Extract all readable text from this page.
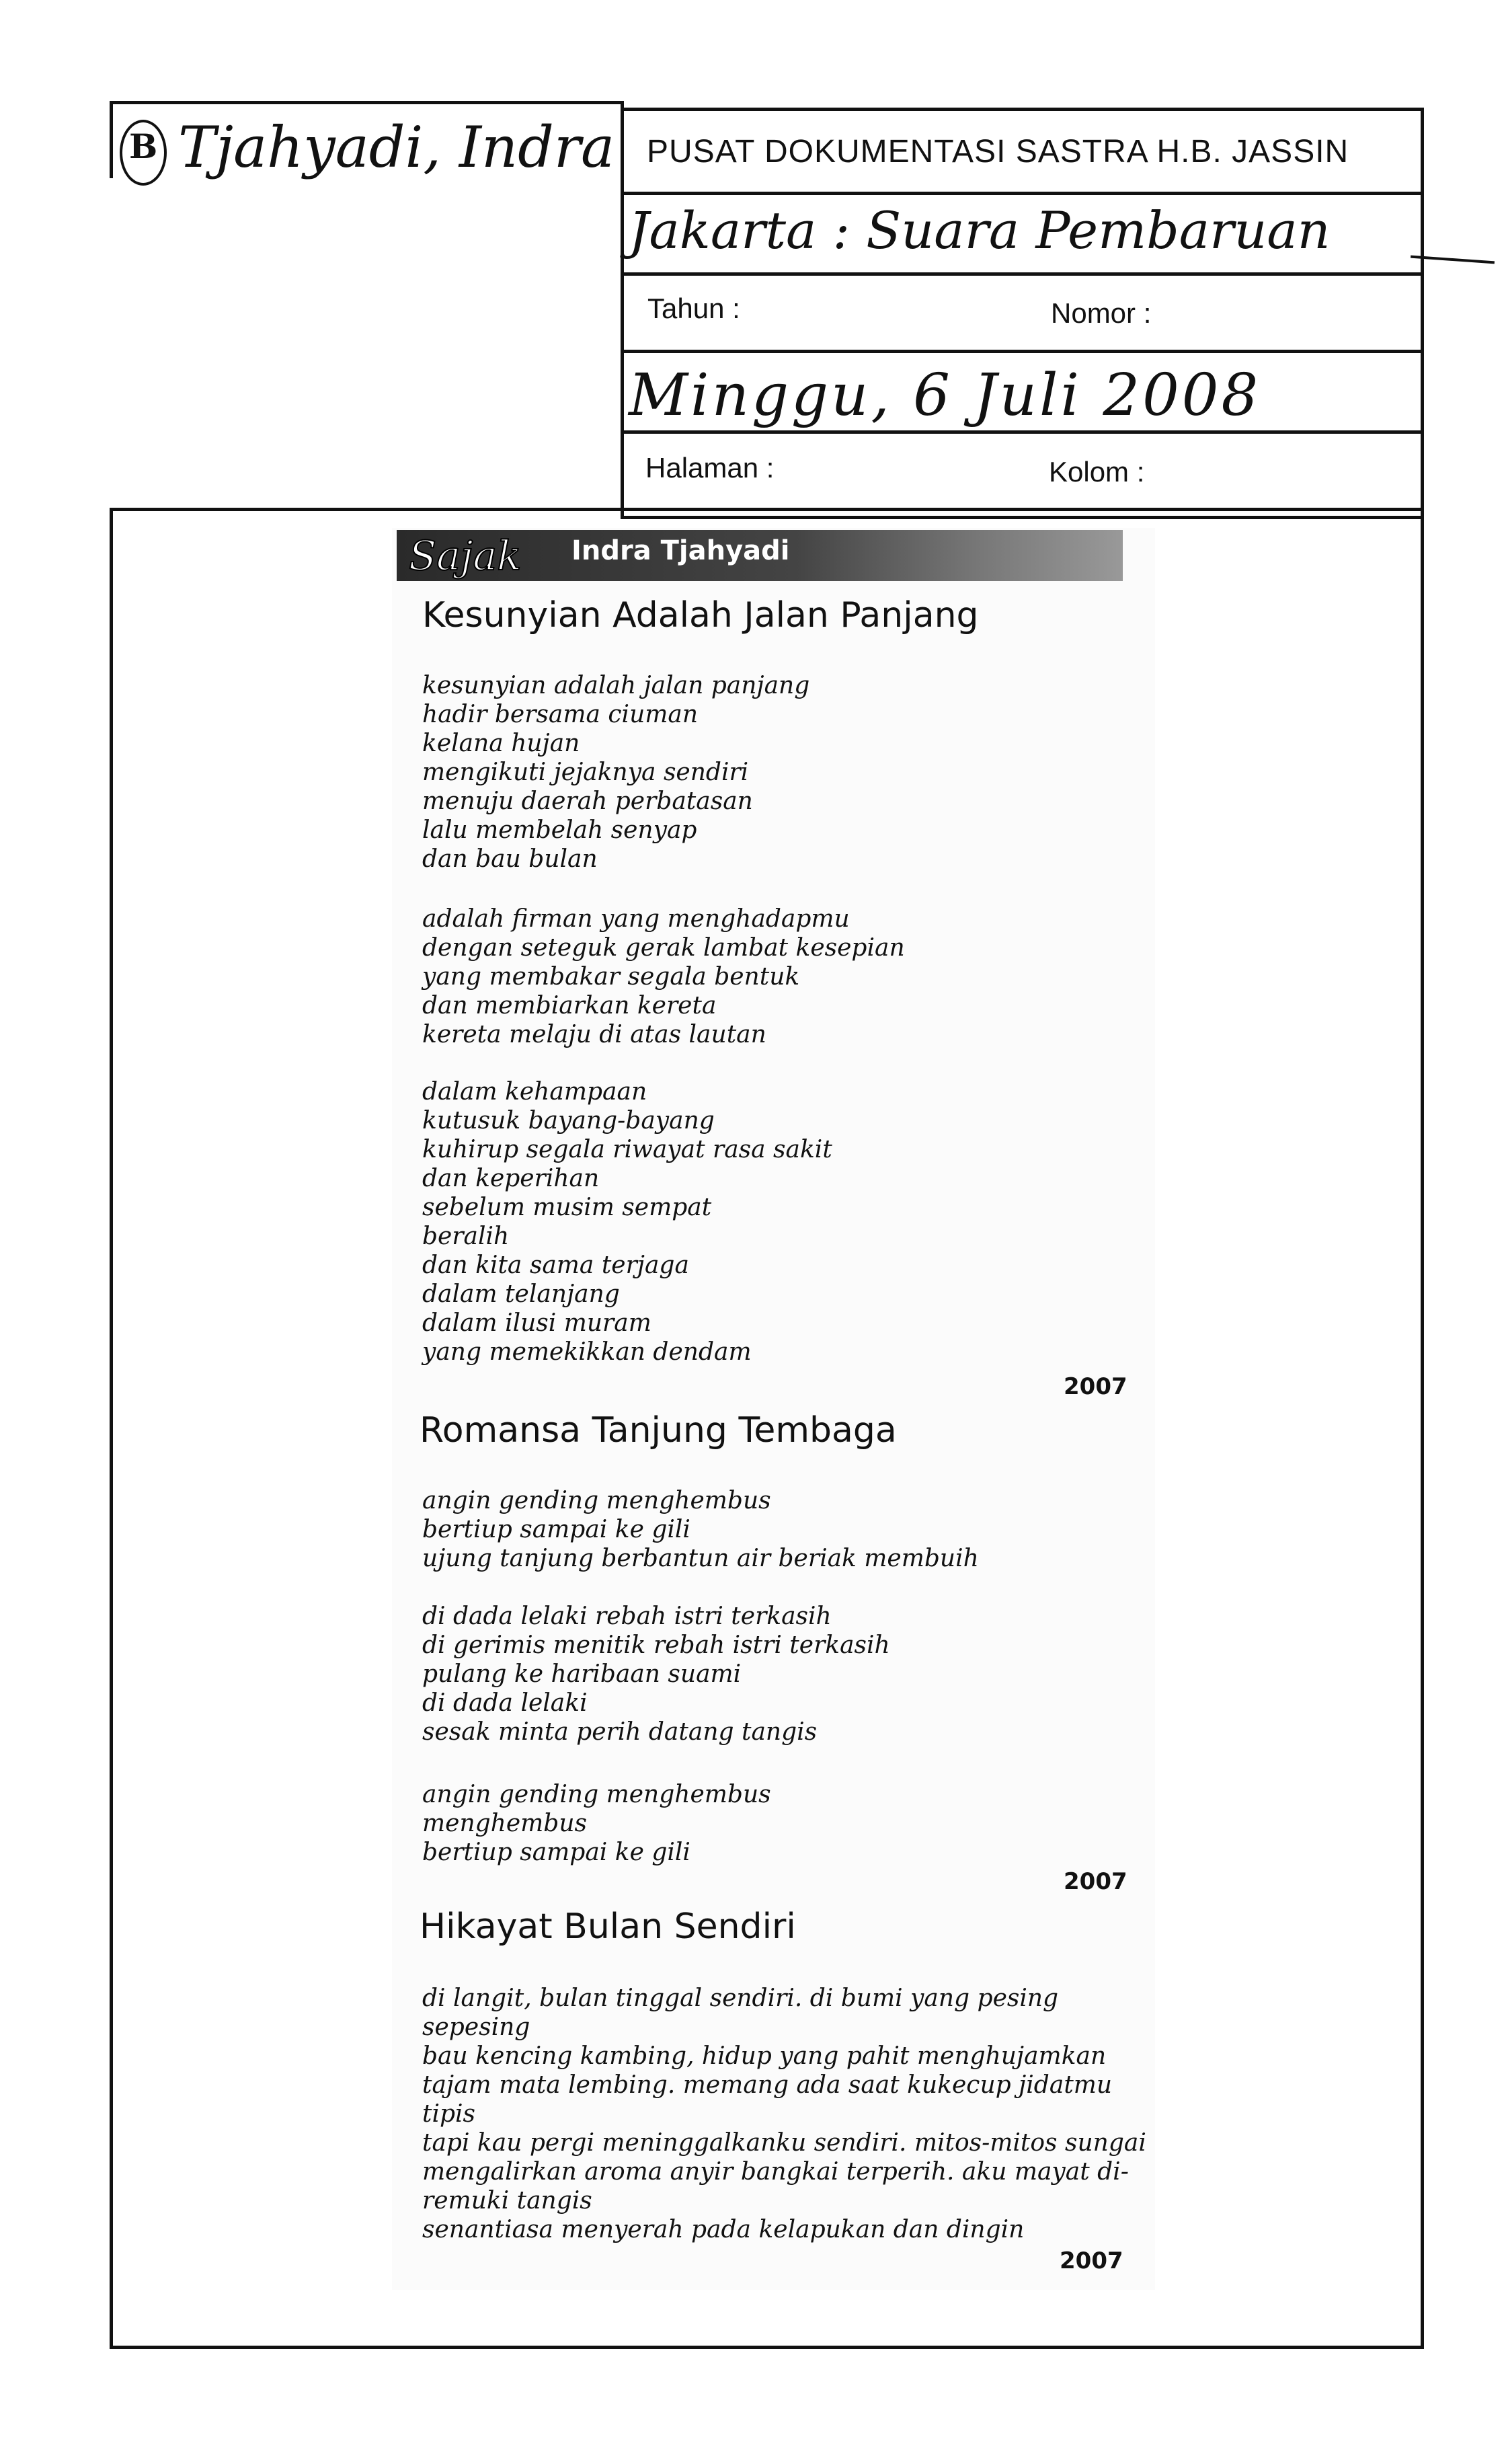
B Tjahyadi, Indra PUSAT DOKUMENTASI SASTRA H.B. JASSIN
Jakarta : Suara Pembaruan
Tahun :	Nomor :
Minggu, 6 Juli 2008
Halaman :	Kolom :
Sajak Indra Tjahyadi
Kesunyian Adalah Jalan Panjang
kesunyian adalah jalan panjang
hadir bersama ciuman
kelana hujan
mengikuti jejaknya sendiri
menuju daerah perbatasan
lalu membelah senyap
dan bau bulan
adalah firman yang menghadapmu
dengan seteguk gerak lambat kesepian
yang membakar segala bentuk
dan membiarkan kereta
kereta melaju di atas lautan
dalam kehampaan
kutusuk bayang-bayang
kuhirup segala riwayat rasa sakit
dan keperihan
sebelum musim sempat
beralih
dan kita sama terjaga
dalam telanjang
dalam ilusi muram
yang memekikkan dendam
2007
Romansa Tanjung Tembaga
angin gending menghembus
bertiup sampai ke gili
ujung tanjung berbantun air beriak membuih
di dada lelaki rebah istri terkasih
di gerimis menitik rebah istri terkasih
pulang ke haribaan suami
di dada lelaki
sesak minta perih datang tangis
angin gending menghembus
menghembus
bertiup sampai ke gili
2007
Hikayat Bulan Sendiri
di langit, bulan tinggal sendiri. di bumi yang pesing
sepesing
bau kencing kambing, hidup yang pahit menghujamkan
tajam mata lembing. memang ada saat kukecup jidatmu
tipis
tapi kau pergi meninggalkanku sendiri. mitos-mitos sungai
mengalirkan aroma anyir bangkai terperih. aku mayat di-
remuki tangis
senantiasa menyerah pada kelapukan dan dingin
2007
